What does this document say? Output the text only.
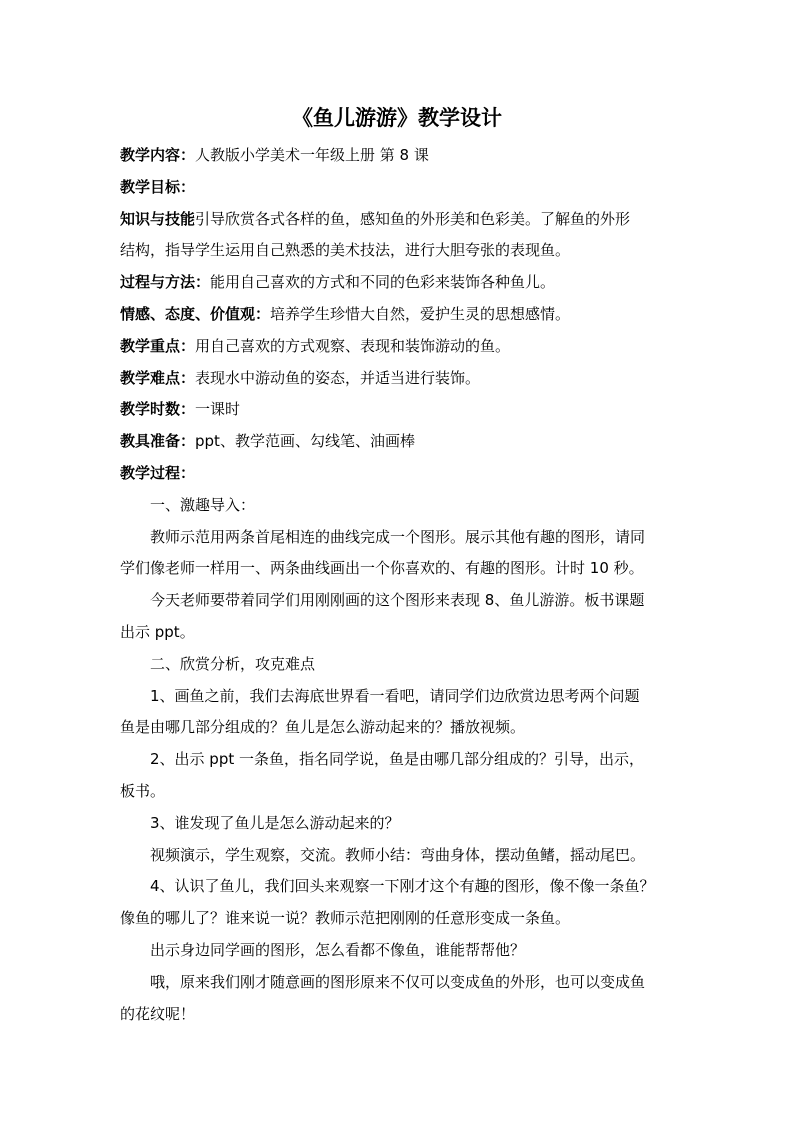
《鱼儿游游》教学设计
教学内容：人教版小学美术一年级上册 第 8 课
教学目标：
知识与技能引导欣赏各式各样的鱼，感知鱼的外形美和色彩美。了解鱼的外形
结构，指导学生运用自己熟悉的美术技法，进行大胆夸张的表现鱼。
过程与方法：能用自己喜欢的方式和不同的色彩来装饰各种鱼儿。
情感、态度、价值观：培养学生珍惜大自然，爱护生灵的思想感情。
教学重点：用自己喜欢的方式观察、表现和装饰游动的鱼。
教学难点：表现水中游动鱼的姿态，并适当进行装饰。
教学时数：一课时
教具准备：ppt、教学范画、勾线笔、油画棒
教学过程：
一、激趣导入：
教师示范用两条首尾相连的曲线完成一个图形。展示其他有趣的图形，请同
学们像老师一样用一、两条曲线画出一个你喜欢的、有趣的图形。计时 10 秒。
今天老师要带着同学们用刚刚画的这个图形来表现 8、鱼儿游游。板书课题
出示 ppt。
二、欣赏分析，攻克难点
1、画鱼之前，我们去海底世界看一看吧，请同学们边欣赏边思考两个问题
鱼是由哪几部分组成的？鱼儿是怎么游动起来的？播放视频。
2、出示 ppt 一条鱼，指名同学说，鱼是由哪几部分组成的？引导，出示，
板书。
3、谁发现了鱼儿是怎么游动起来的？
视频演示，学生观察，交流。教师小结：弯曲身体，摆动鱼鳍，摇动尾巴。
4、认识了鱼儿，我们回头来观察一下刚才这个有趣的图形，像不像一条鱼？
像鱼的哪儿了？谁来说一说？教师示范把刚刚的任意形变成一条鱼。
出示身边同学画的图形，怎么看都不像鱼，谁能帮帮他？
哦，原来我们刚才随意画的图形原来不仅可以变成鱼的外形，也可以变成鱼
的花纹呢！
